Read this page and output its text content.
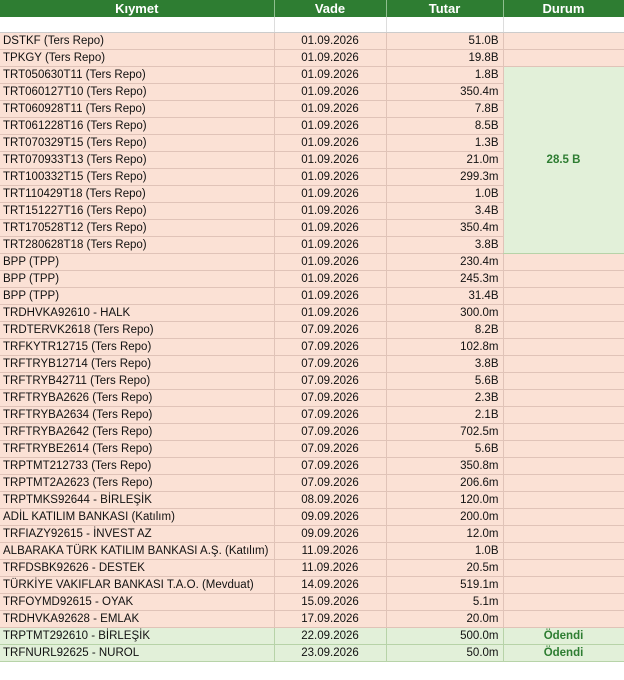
Kıymet	Vade	Tutar	Durum

DSTKF (Ters Repo)	01.09.2026	51.0B	
TPKGY (Ters Repo)	01.09.2026	19.8B	
TRT050630T11 (Ters Repo)	01.09.2026	1.8B	28.5 B
TRT060127T10 (Ters Repo)	01.09.2026	350.4m	
TRT060928T11 (Ters Repo)	01.09.2026	7.8B	
TRT061228T16 (Ters Repo)	01.09.2026	8.5B	
TRT070329T15 (Ters Repo)	01.09.2026	1.3B	
TRT070933T13 (Ters Repo)	01.09.2026	21.0m	
TRT100332T15 (Ters Repo)	01.09.2026	299.3m	
TRT110429T18 (Ters Repo)	01.09.2026	1.0B	
TRT151227T16 (Ters Repo)	01.09.2026	3.4B	
TRT170528T12 (Ters Repo)	01.09.2026	350.4m	
TRT280628T18 (Ters Repo)	01.09.2026	3.8B	
BPP (TPP)	01.09.2026	230.4m	
BPP (TPP)	01.09.2026	245.3m	
BPP (TPP)	01.09.2026	31.4B	
TRDHVKA92610 - HALK	01.09.2026	300.0m	
TRDTERVK2618 (Ters Repo)	07.09.2026	8.2B	
TRFKYTR12715 (Ters Repo)	07.09.2026	102.8m	
TRFTRYB12714 (Ters Repo)	07.09.2026	3.8B	
TRFTRYB42711 (Ters Repo)	07.09.2026	5.6B	
TRFTRYBA2626 (Ters Repo)	07.09.2026	2.3B	
TRFTRYBA2634 (Ters Repo)	07.09.2026	2.1B	
TRFTRYBA2642 (Ters Repo)	07.09.2026	702.5m	
TRFTRYBE2614 (Ters Repo)	07.09.2026	5.6B	
TRPTMT212733 (Ters Repo)	07.09.2026	350.8m	
TRPTMT2A2623 (Ters Repo)	07.09.2026	206.6m	
TRPTMKS92644 - BİRLEŞİK	08.09.2026	120.0m	
ADİL KATILIM BANKASI (Katılım)	09.09.2026	200.0m	
TRFIAZY92615 - İNVEST AZ	09.09.2026	12.0m	
ALBARAKA TÜRK KATILIM BANKASI A.Ş. (Katılım)	11.09.2026	1.0B	
TRFDSBK92626 - DESTEK	11.09.2026	20.5m	
TÜRKİYE VAKIFLAR BANKASI T.A.O. (Mevduat)	14.09.2026	519.1m	
TRFOYMD92615 - OYAK	15.09.2026	5.1m	
TRDHVKA92628 - EMLAK	17.09.2026	20.0m	
TRPTMT292610 - BİRLEŞİK	22.09.2026	500.0m	Ödendi
TRFNURL92625 - NUROL	23.09.2026	50.0m	Ödendi
